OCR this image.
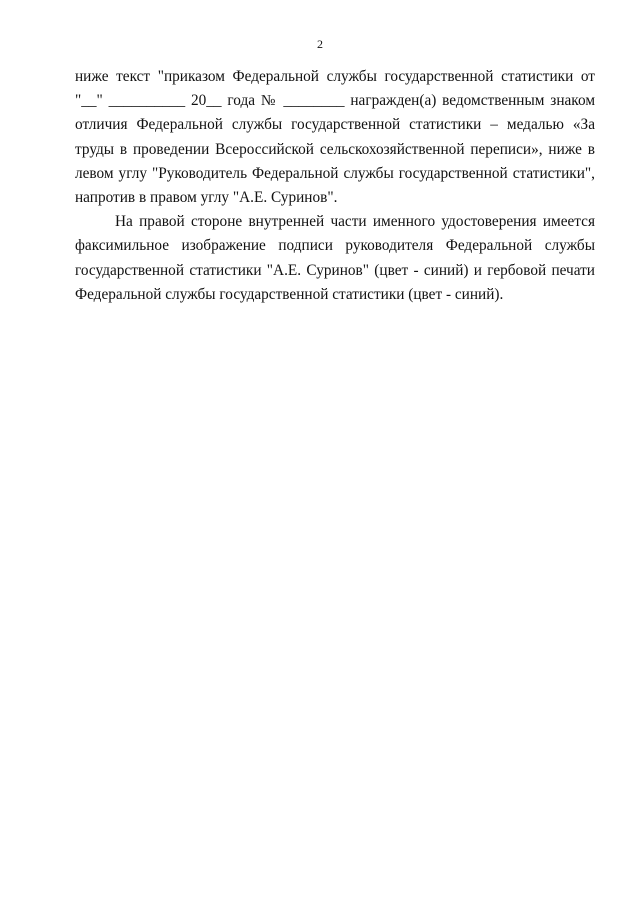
2

ниже текст "приказом Федеральной службы государственной статистики от
"__" __________ 20__ года № ________ награжден(а) ведомственным знаком
отличия Федеральной службы государственной статистики – медалью «За
труды в проведении Всероссийской сельскохозяйственной переписи», ниже в
левом углу "Руководитель Федеральной службы государственной статистики",
напротив в правом углу "А.Е. Суринов".

На правой стороне внутренней части именного удостоверения имеется
факсимильное изображение подписи руководителя Федеральной службы
государственной статистики "А.Е. Суринов" (цвет - синий) и гербовой печати
Федеральной службы государственной статистики (цвет - синий).
